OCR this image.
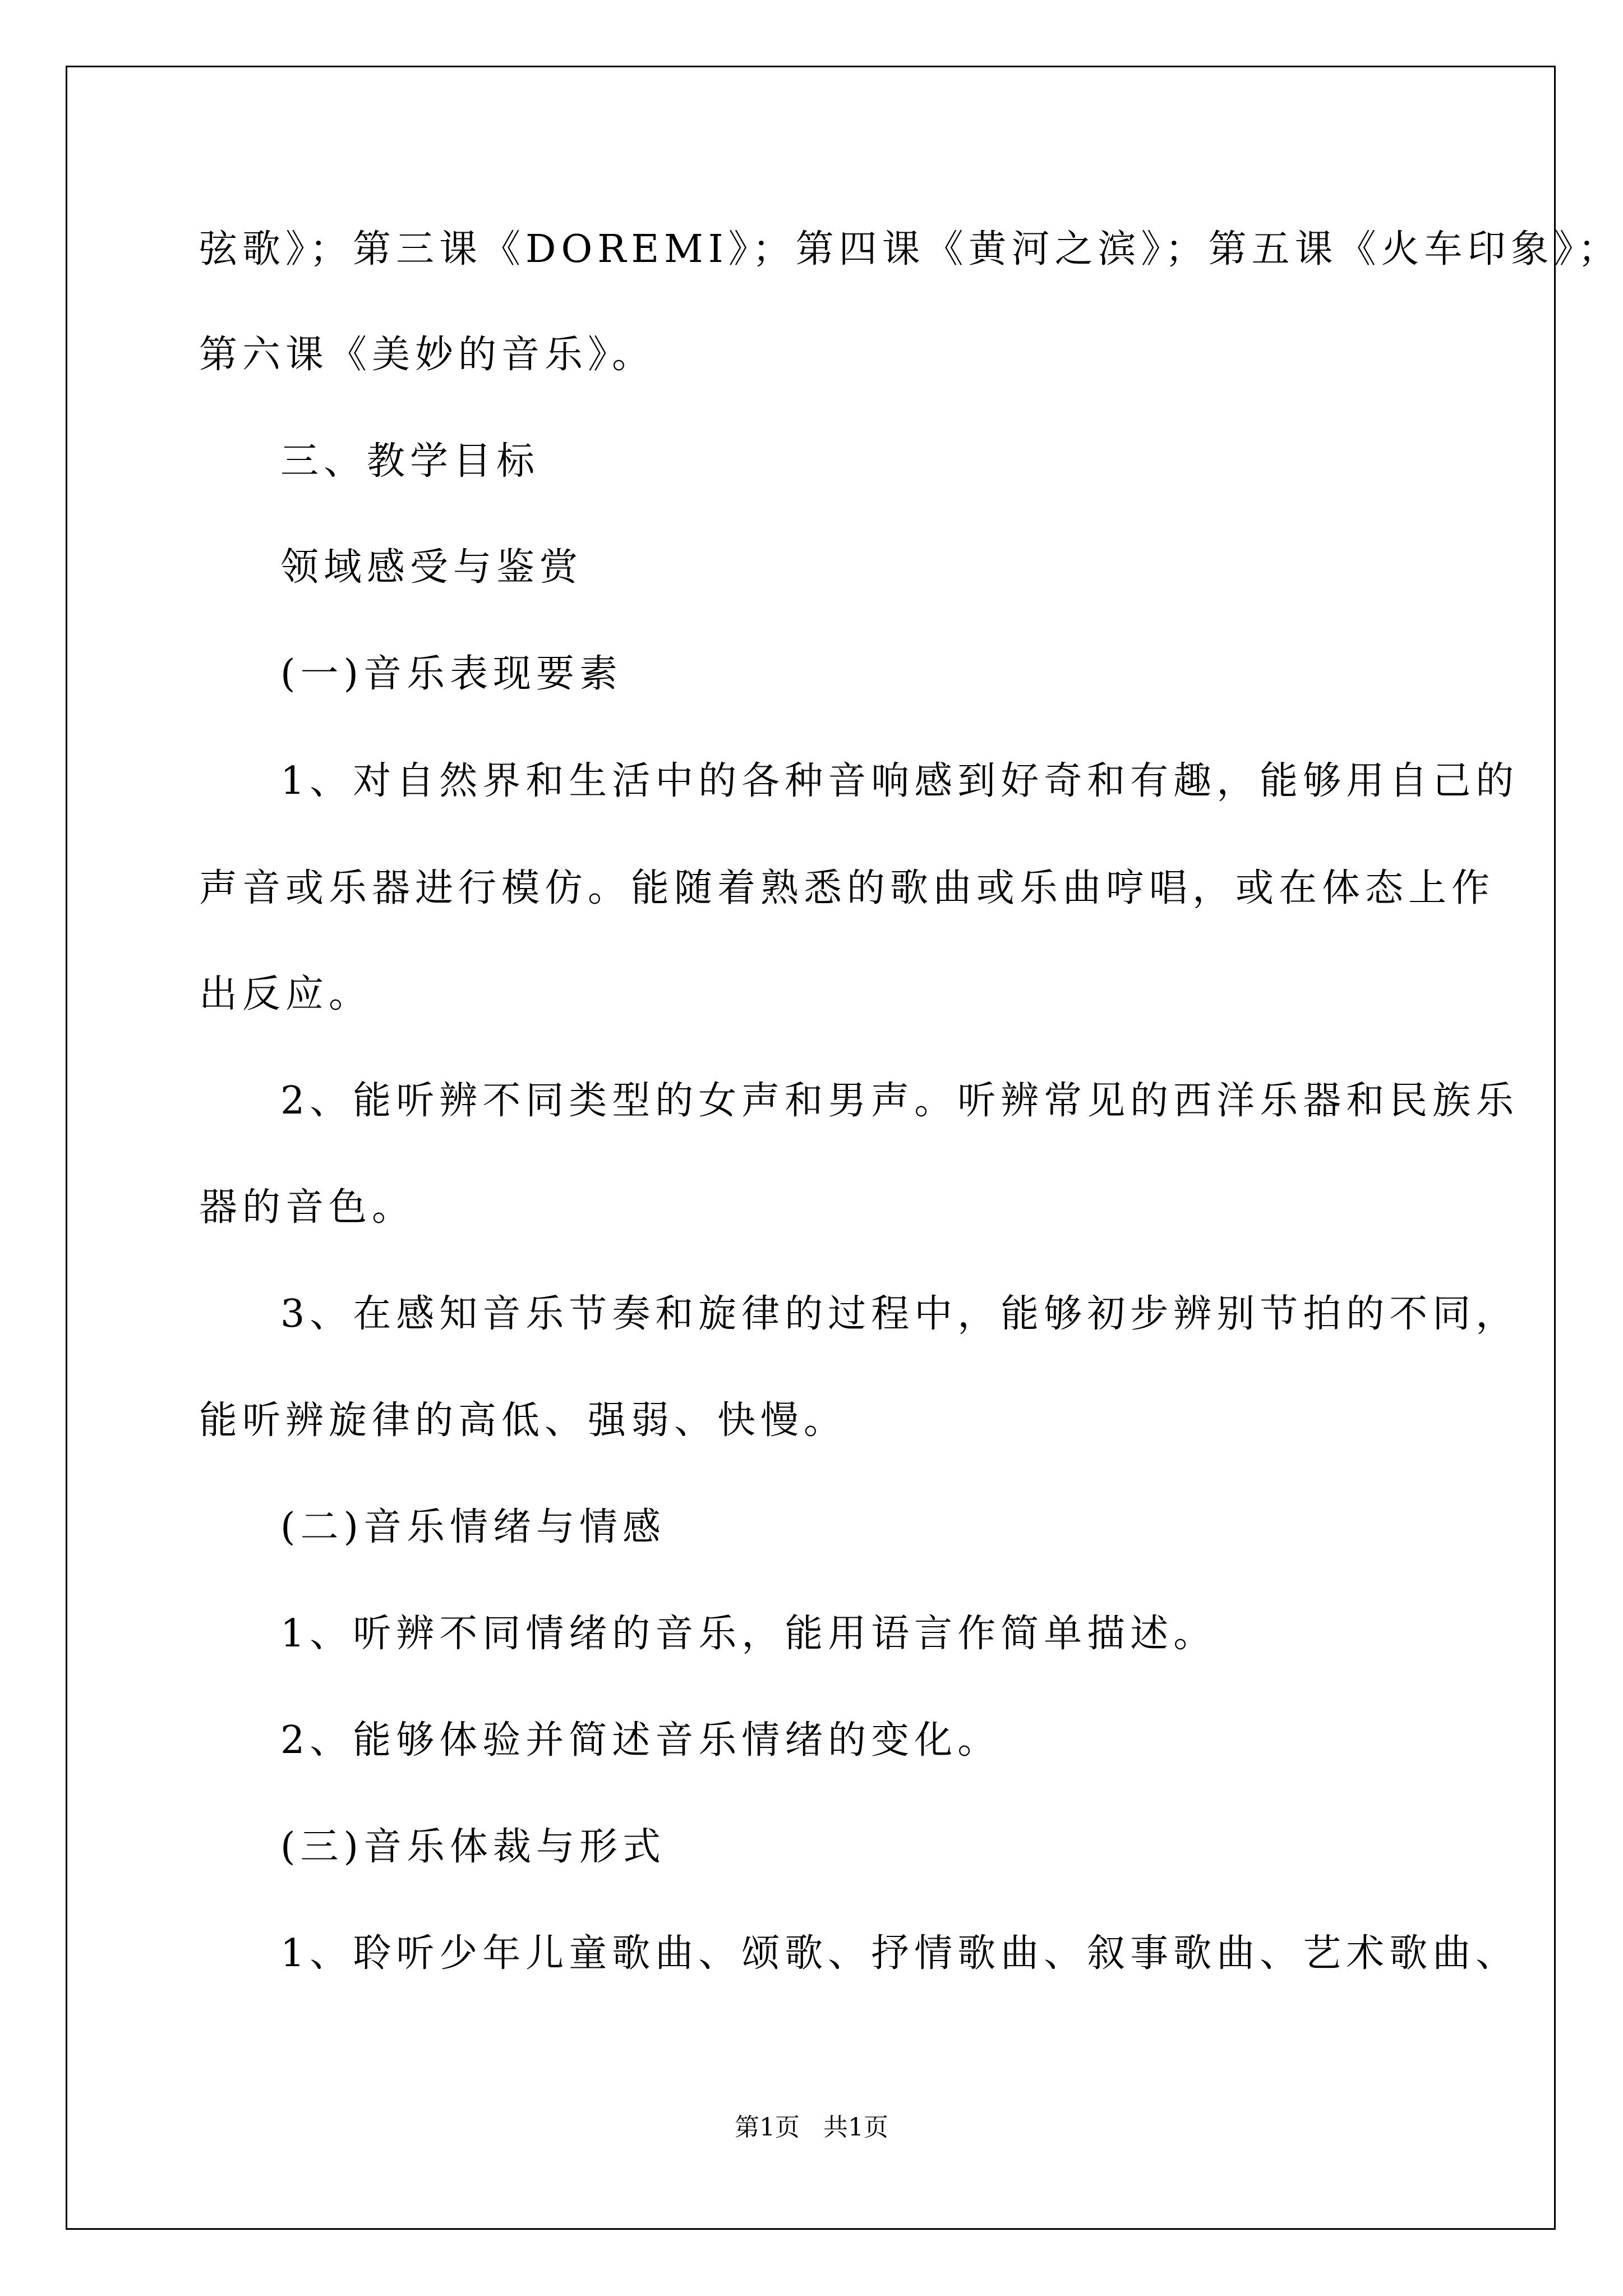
弦歌》；第三课《DOREMI》；第四课《黄河之滨》；第五课《火车印象》；
第六课《美妙的音乐》。
三、教学目标
领域感受与鉴赏
(一)音乐表现要素
1、对自然界和生活中的各种音响感到好奇和有趣，能够用自己的
声音或乐器进行模仿。能随着熟悉的歌曲或乐曲哼唱，或在体态上作
出反应。
2、能听辨不同类型的女声和男声。听辨常见的西洋乐器和民族乐
器的音色。
3、在感知音乐节奏和旋律的过程中，能够初步辨别节拍的不同，
能听辨旋律的高低、强弱、快慢。
(二)音乐情绪与情感
1、听辨不同情绪的音乐，能用语言作简单描述。
2、能够体验并简述音乐情绪的变化。
(三)音乐体裁与形式
1、聆听少年儿童歌曲、颂歌、抒情歌曲、叙事歌曲、艺术歌曲、
第1页   共1页
